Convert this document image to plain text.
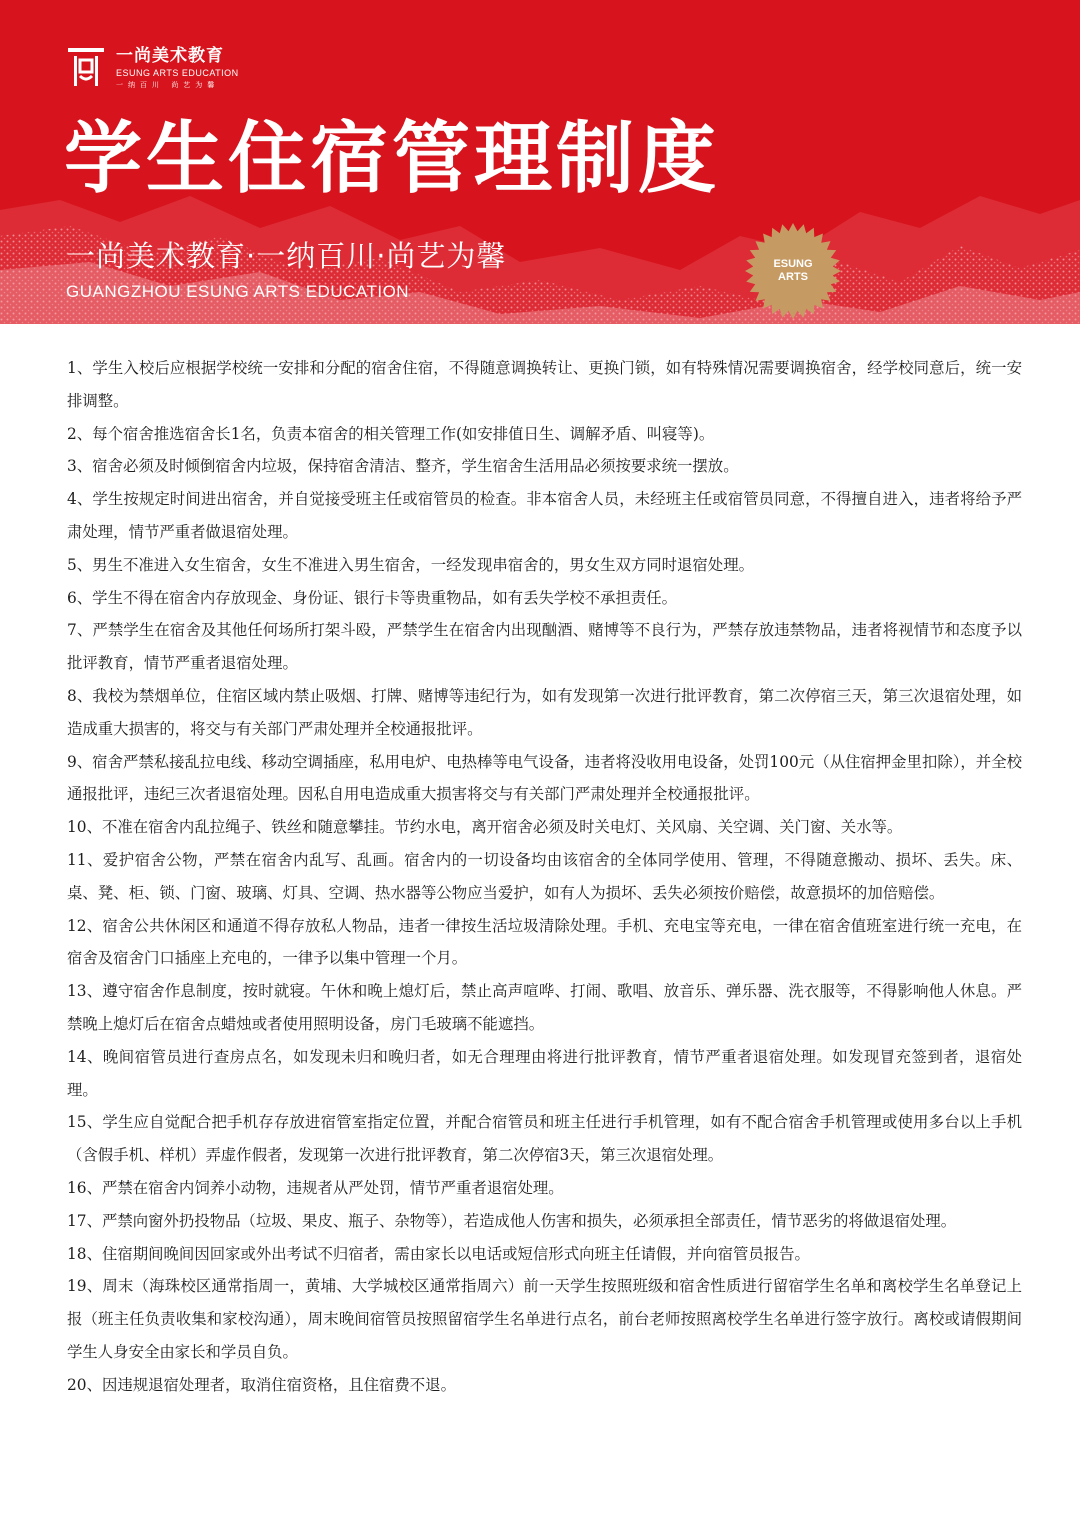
一尚美术教育
ESUNG ARTS EDUCATION
一纳百川 尚艺为馨
学生住宿管理制度
一尚美术教育·一纳百川·尚艺为馨
GUANGZHOU ESUNG ARTS EDUCATION
ESUNG
ARTS
1、学生入校后应根据学校统一安排和分配的宿舍住宿，不得随意调换转让、更换门锁，如有特殊情况需要调换宿舍，经学校同意后，统一安排调整。
2、每个宿舍推选宿舍长1名，负责本宿舍的相关管理工作(如安排值日生、调解矛盾、叫寝等)。
3、宿舍必须及时倾倒宿舍内垃圾，保持宿舍清洁、整齐，学生宿舍生活用品必须按要求统一摆放。
4、学生按规定时间进出宿舍，并自觉接受班主任或宿管员的检查。非本宿舍人员，未经班主任或宿管员同意，不得擅自进入，违者将给予严肃处理，情节严重者做退宿处理。
5、男生不准进入女生宿舍，女生不准进入男生宿舍，一经发现串宿舍的，男女生双方同时退宿处理。
6、学生不得在宿舍内存放现金、身份证、银行卡等贵重物品，如有丢失学校不承担责任。
7、严禁学生在宿舍及其他任何场所打架斗殴，严禁学生在宿舍内出现酗酒、赌博等不良行为，严禁存放违禁物品，违者将视情节和态度予以批评教育，情节严重者退宿处理。
8、我校为禁烟单位，住宿区域内禁止吸烟、打牌、赌博等违纪行为，如有发现第一次进行批评教育，第二次停宿三天，第三次退宿处理，如造成重大损害的，将交与有关部门严肃处理并全校通报批评。
9、宿舍严禁私接乱拉电线、移动空调插座，私用电炉、电热棒等电气设备，违者将没收用电设备，处罚100元（从住宿押金里扣除），并全校通报批评，违纪三次者退宿处理。因私自用电造成重大损害将交与有关部门严肃处理并全校通报批评。
10、不准在宿舍内乱拉绳子、铁丝和随意攀挂。节约水电，离开宿舍必须及时关电灯、关风扇、关空调、关门窗、关水等。
11、爱护宿舍公物，严禁在宿舍内乱写、乱画。宿舍内的一切设备均由该宿舍的全体同学使用、管理，不得随意搬动、损坏、丢失。床、桌、凳、柜、锁、门窗、玻璃、灯具、空调、热水器等公物应当爱护，如有人为损坏、丢失必须按价赔偿，故意损坏的加倍赔偿。
12、宿舍公共休闲区和通道不得存放私人物品，违者一律按生活垃圾清除处理。手机、充电宝等充电，一律在宿舍值班室进行统一充电，在宿舍及宿舍门口插座上充电的，一律予以集中管理一个月。
13、遵守宿舍作息制度，按时就寝。午休和晚上熄灯后，禁止高声喧哗、打闹、歌唱、放音乐、弹乐器、洗衣服等，不得影响他人休息。严禁晚上熄灯后在宿舍点蜡烛或者使用照明设备，房门毛玻璃不能遮挡。
14、晚间宿管员进行查房点名，如发现未归和晚归者，如无合理理由将进行批评教育，情节严重者退宿处理。如发现冒充签到者，退宿处理。
15、学生应自觉配合把手机存存放进宿管室指定位置，并配合宿管员和班主任进行手机管理，如有不配合宿舍手机管理或使用多台以上手机（含假手机、样机）弄虚作假者，发现第一次进行批评教育，第二次停宿3天，第三次退宿处理。
16、严禁在宿舍内饲养小动物，违规者从严处罚，情节严重者退宿处理。
17、严禁向窗外扔投物品（垃圾、果皮、瓶子、杂物等），若造成他人伤害和损失，必须承担全部责任，情节恶劣的将做退宿处理。
18、住宿期间晚间因回家或外出考试不归宿者，需由家长以电话或短信形式向班主任请假，并向宿管员报告。
19、周末（海珠校区通常指周一，黄埔、大学城校区通常指周六）前一天学生按照班级和宿舍性质进行留宿学生名单和离校学生名单登记上报（班主任负责收集和家校沟通），周末晚间宿管员按照留宿学生名单进行点名，前台老师按照离校学生名单进行签字放行。离校或请假期间学生人身安全由家长和学员自负。
20、因违规退宿处理者，取消住宿资格，且住宿费不退。
